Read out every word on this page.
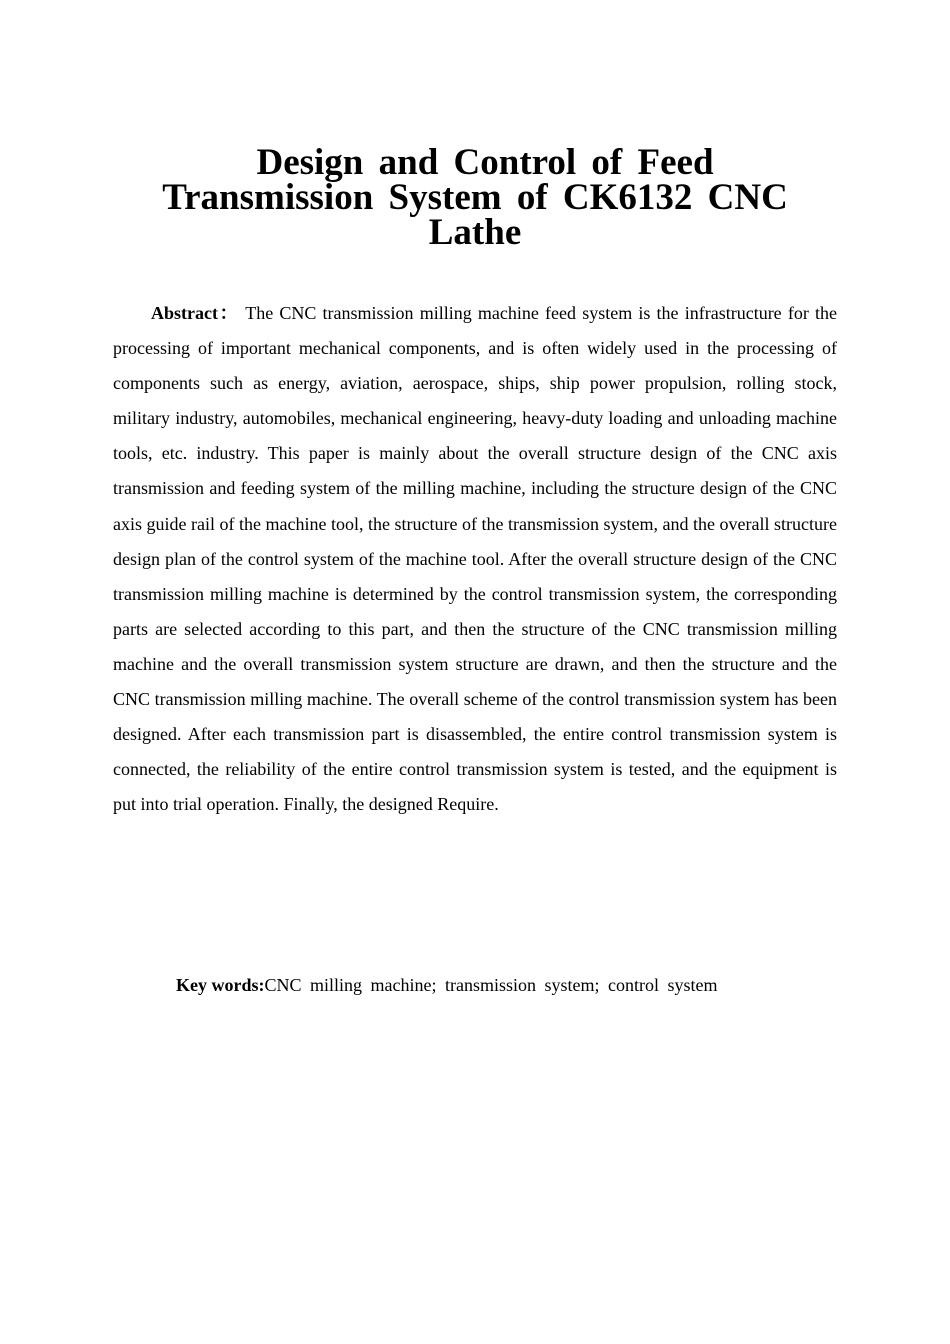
Design and Control of Feed
Transmission System of CK6132 CNC
Lathe

Abstract： The CNC transmission milling machine feed system is the infrastructure for the processing of important mechanical components, and is often widely used in the processing of components such as energy, aviation, aerospace, ships, ship power propulsion, rolling stock, military industry, automobiles, mechanical engineering, heavy-duty loading and unloading machine tools, etc. industry. This paper is mainly about the overall structure design of the CNC axis transmission and feeding system of the milling machine, including the structure design of the CNC axis guide rail of the machine tool, the structure of the transmission system, and the overall structure design plan of the control system of the machine tool. After the overall structure design of the CNC transmission milling machine is determined by the control transmission system, the corresponding parts are selected according to this part, and then the structure of the CNC transmission milling machine and the overall transmission system structure are drawn, and then the structure and the CNC transmission milling machine. The overall scheme of the control transmission system has been designed. After each transmission part is disassembled, the entire control transmission system is connected, the reliability of the entire control transmission system is tested, and the equipment is put into trial operation. Finally, the designed Require.

Key words:CNC milling machine; transmission system; control system
